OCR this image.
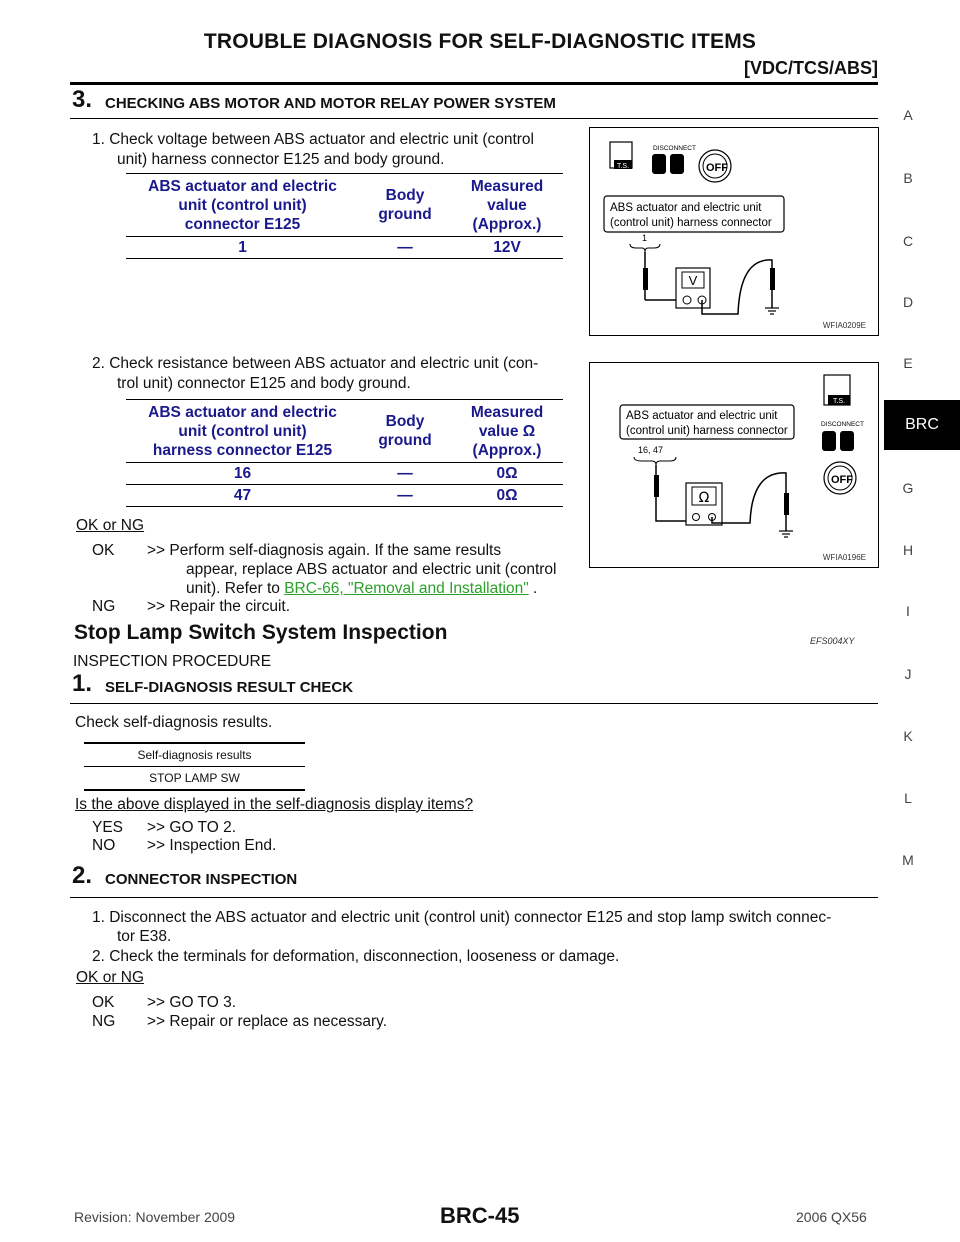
TROUBLE DIAGNOSIS FOR SELF-DIAGNOSTIC ITEMS
[VDC/TCS/ABS]
A
B
C
D
E
BRC
G
H
I
J
K
L
M
3. CHECKING ABS MOTOR AND MOTOR RELAY POWER SYSTEM
1. Check voltage between ABS actuator and electric unit (control
unit) harness connector E125 and body ground.
ABS actuator and electric
unit (control unit)
connector E125	Body
ground	Measured
value
(Approx.)
1	—	12V
T.S.
DISCONNECT
OFF
ABS actuator and electric unit
(control unit) harness connector
1
V
WFIA0209E
2. Check resistance between ABS actuator and electric unit (con-
trol unit) connector E125 and body ground.
ABS actuator and electric
unit (control unit)
harness connector E125	Body
ground	Measured
value Ω
(Approx.)
16	—	0Ω
47	—	0Ω
T.S.
ABS actuator and electric unit
(control unit) harness connector
DISCONNECT
OFF
16, 47
Ω
WFIA0196E
OK or NG
OK >> Perform self-diagnosis again. If the same results
appear, replace ABS actuator and electric unit (control
unit). Refer to BRC-66, "Removal and Installation" .
NG >> Repair the circuit.
Stop Lamp Switch System Inspection	EFS004XY
INSPECTION PROCEDURE
1. SELF-DIAGNOSIS RESULT CHECK
Check self-diagnosis results.
Self-diagnosis results
STOP LAMP SW
Is the above displayed in the self-diagnosis display items?
YES >> GO TO 2.
NO >> Inspection End.
2. CONNECTOR INSPECTION
1. Disconnect the ABS actuator and electric unit (control unit) connector E125 and stop lamp switch connec-
tor E38.
2. Check the terminals for deformation, disconnection, looseness or damage.
OK or NG
OK >> GO TO 3.
NG >> Repair or replace as necessary.
Revision: November 2009	BRC-45	2006 QX56
